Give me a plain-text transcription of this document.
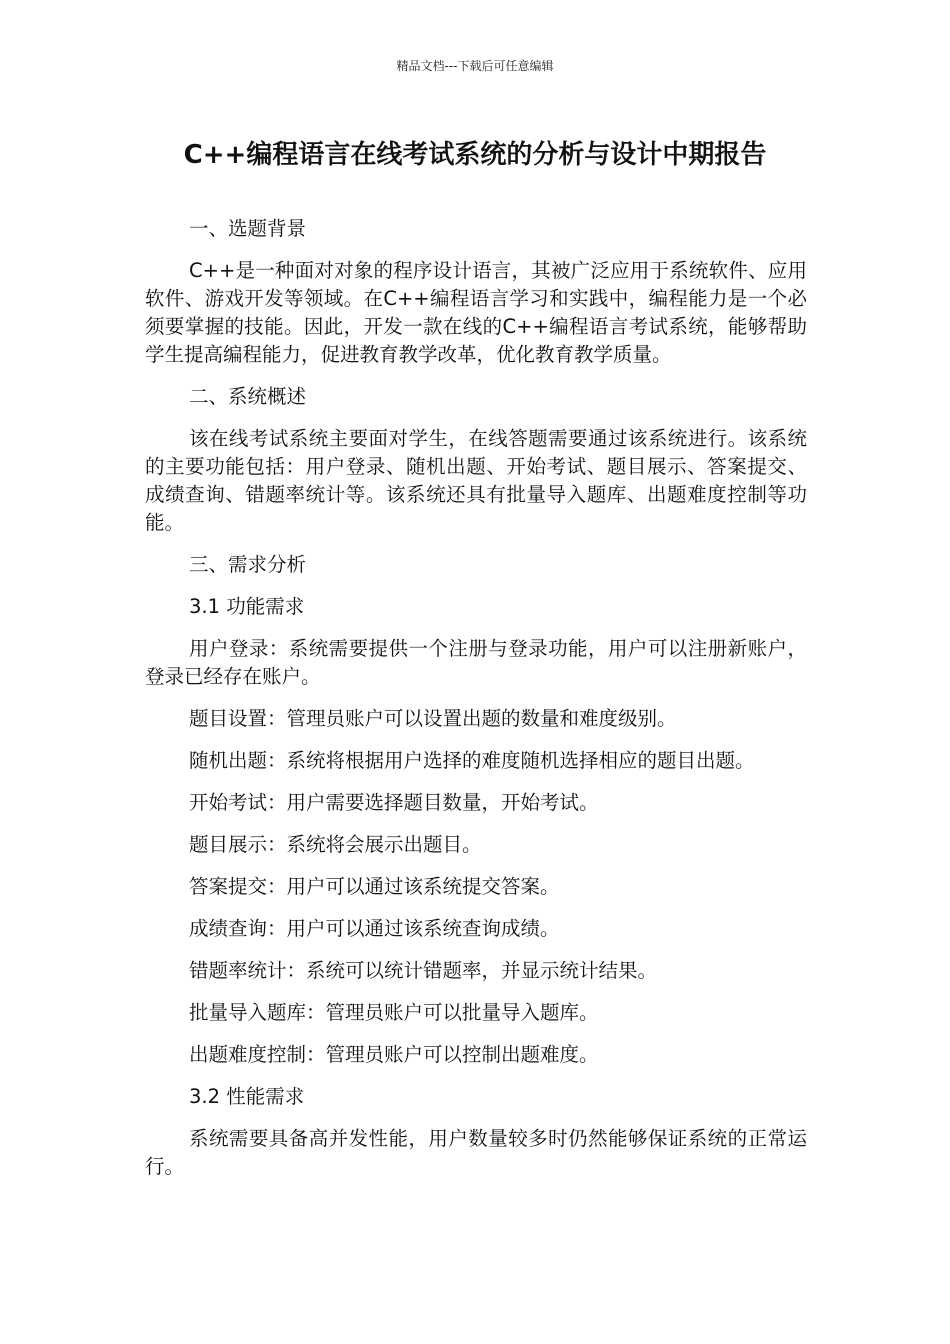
精品文档---下载后可任意编辑
C++编程语言在线考试系统的分析与设计中期报告

一、选题背景

C++是一种面对对象的程序设计语言，其被广泛应用于系统软件、应用软件、游戏开发等领域。在C++编程语言学习和实践中，编程能力是一个必须要掌握的技能。因此，开发一款在线的C++编程语言考试系统，能够帮助学生提高编程能力，促进教育教学改革，优化教育教学质量。

二、系统概述

该在线考试系统主要面对学生，在线答题需要通过该系统进行。该系统的主要功能包括：用户登录、随机出题、开始考试、题目展示、答案提交、成绩查询、错题率统计等。该系统还具有批量导入题库、出题难度控制等功能。

三、需求分析

3.1 功能需求

用户登录：系统需要提供一个注册与登录功能，用户可以注册新账户，登录已经存在账户。

题目设置：管理员账户可以设置出题的数量和难度级别。

随机出题：系统将根据用户选择的难度随机选择相应的题目出题。

开始考试：用户需要选择题目数量，开始考试。

题目展示：系统将会展示出题目。

答案提交：用户可以通过该系统提交答案。

成绩查询：用户可以通过该系统查询成绩。

错题率统计：系统可以统计错题率，并显示统计结果。

批量导入题库：管理员账户可以批量导入题库。

出题难度控制：管理员账户可以控制出题难度。

3.2 性能需求

系统需要具备高并发性能，用户数量较多时仍然能够保证系统的正常运行。
